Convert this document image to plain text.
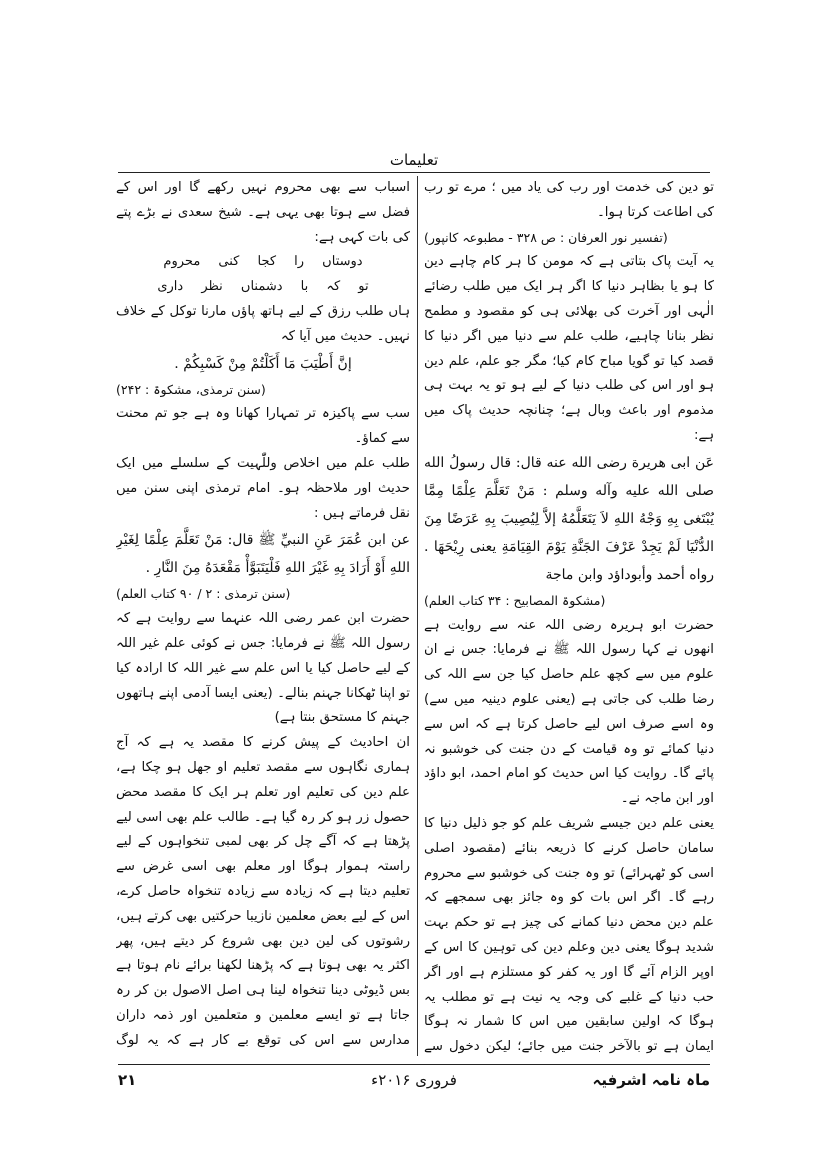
تعلیمات

تو دین کی خدمت اور رب کی یاد میں ؛ مرے تو رب کی اطاعت کرتا ہوا۔

(تفسیر نور العرفان : ص ۳۲۸ - مطبوعہ کانپور)

یہ آیت پاک بتاتی ہے کہ مومن کا ہر کام چاہے دین کا ہو یا بظاہر دنیا کا اگر ہر ایک میں طلب رضائے الٰہی اور آخرت کی بھلائی ہی کو مقصود و مطمح نظر بنانا چاہیے، طلب علم سے دنیا میں اگر دنیا کا قصد کیا تو گویا مباح کام کیا؛ مگر جو علم، علم دین ہو اور اس کی طلب دنیا کے لیے ہو تو یہ بہت ہی مذموم اور باعث وبال ہے؛ چنانچہ حدیث پاک میں ہے:

عَن ابی هریرة رضی الله عنه قال: قال رسولُ الله صلى الله عليه وآله وسلم : مَنْ تَعَلَّمَ عِلْمًا مِمَّا يُبْتَغى بِهِ وَجْهُ اللهِ لاَ يَتَعَلَّمُهُ إلاَّ لِيُصِيبَ بِهِ عَرَضًا مِنَ الدُّنْيَا لَمْ يَجِدْ عَرْفَ الجَنَّةِ يَوْمَ القِيَامَةِ يعنى رِيْحَهَا . رواه أحمد وأبوداؤد وابن ماجة

(مشکوۃ المصابیح : ۳۴ کتاب العلم)

حضرت ابو ہریرہ رضی اللہ عنہ سے روایت ہے انھوں نے کہا رسول اللہ ﷺ نے فرمایا: جس نے ان علوم میں سے کچھ علم حاصل کیا جن سے اللہ کی رضا طلب کی جاتی ہے (یعنی علوم دینیہ میں سے) وہ اسے صرف اس لیے حاصل کرتا ہے کہ اس سے دنیا کمائے تو وہ قیامت کے دن جنت کی خوشبو نہ پائے گا۔ روایت کیا اس حدیث کو امام احمد، ابو داؤد اور ابن ماجہ نے۔

یعنی علم دین جیسے شریف علم کو جو ذلیل دنیا کا سامان حاصل کرنے کا ذریعہ بنائے (مقصود اصلی اسی کو ٹھہرائے) تو وہ جنت کی خوشبو سے محروم رہے گا۔ اگر اس بات کو وہ جائز بھی سمجھے کہ علم دین محض دنیا کمانے کی چیز ہے تو حکم بہت شدید ہوگا یعنی دین وعلم دین کی توہین کا اس کے اوپر الزام آئے گا اور یہ کفر کو مستلزم ہے اور اگر حب دنیا کے غلبے کی وجہ یہ نیت ہے تو مطلب یہ ہوگا کہ اولین سابقین میں اس کا شمار نہ ہوگا ایمان ہے تو بالآخر جنت میں جائے؛ لیکن دخول سے

اسباب سے بھی محروم نہیں رکھے گا اور اس کے فضل سے ہوتا بھی یہی ہے۔ شیخ سعدی نے بڑے پتے کی بات کہی ہے:

دوستاں را کجا کنی محروم

تو کہ با دشمناں نظر داری

ہاں طلب رزق کے لیے ہاتھ پاؤں مارنا توکل کے خلاف نہیں۔ حدیث میں آیا کہ

إنَّ أَطْيَبَ مَا أَكَلْتُمْ مِنْ كَسْبِكُمْ .

(سنن ترمذی، مشکوۃ : ۲۴۲)

سب سے پاکیزہ تر تمہارا کھانا وہ ہے جو تم محنت سے کماؤ۔

طلب علم میں اخلاص وللّٰہیت کے سلسلے میں ایک حدیث اور ملاحظہ ہو۔ امام ترمذی اپنی سنن میں نقل فرماتے ہیں :

عن ابن عُمَرَ عَنِ النبيِّ ﷺ قال: مَنْ تَعَلَّمَ عِلْمًا لِغَيْرِ اللهِ أَوْ أَرَادَ بِهِ غَيْرَ اللهِ فَلْيَتَبَوَّأْ مَقْعَدَهُ مِنَ النَّارِ .

(سنن ترمذی : ۲ / ۹۰ کتاب العلم)

حضرت ابن عمر رضی اللہ عنہما سے روایت ہے کہ رسول اللہ ﷺ نے فرمایا: جس نے کوئی علم غیر اللہ کے لیے حاصل کیا یا اس علم سے غیر اللہ کا ارادہ کیا تو اپنا ٹھکانا جہنم بنالے۔ (یعنی ایسا آدمی اپنے ہاتھوں جہنم کا مستحق بنتا ہے)

ان احادیث کے پیش کرنے کا مقصد یہ ہے کہ آج ہماری نگاہوں سے مقصد تعلیم او جھل ہو چکا ہے، علم دین کی تعلیم اور تعلم ہر ایک کا مقصد محض حصول زر ہو کر رہ گیا ہے۔ طالب علم بھی اسی لیے پڑھتا ہے کہ آگے چل کر بھی لمبی تنخواہوں کے لیے راستہ ہموار ہوگا اور معلم بھی اسی غرض سے تعلیم دیتا ہے کہ زیادہ سے زیادہ تنخواہ حاصل کرے، اس کے لیے بعض معلمین نازیبا حرکتیں بھی کرتے ہیں، رشوتوں کی لین دین بھی شروع کر دیتے ہیں، پھر اکثر یہ بھی ہوتا ہے کہ پڑھنا لکھنا برائے نام ہوتا ہے بس ڈیوٹی دینا تنخواہ لینا ہی اصل الاصول بن کر رہ جاتا ہے تو ایسے معلمین و متعلمین اور ذمہ داران مدارس سے اس کی توقع بے کار ہے کہ یہ لوگ

ماہ نامہ اشرفیہ
فروری ۲۰۱۶ء
۲۱
